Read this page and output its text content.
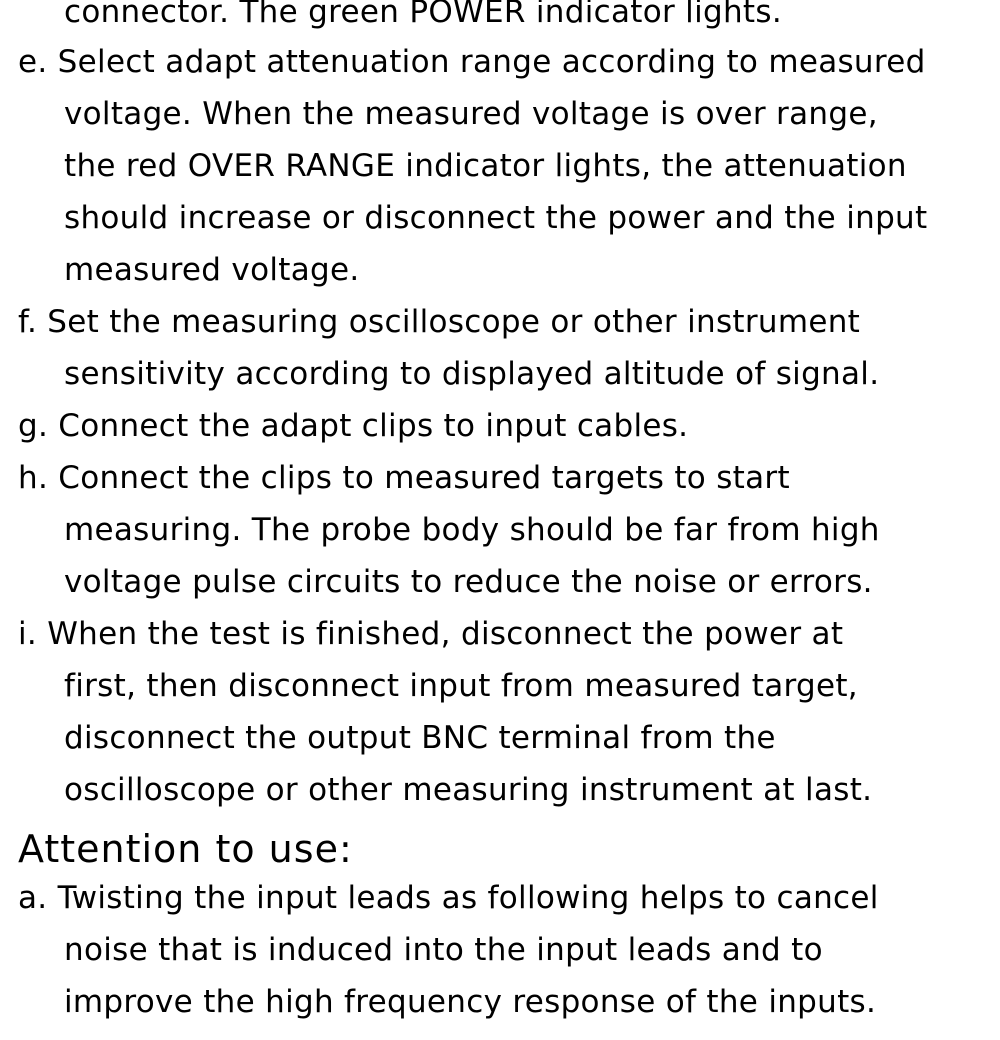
connector. The green POWER indicator lights.
e. Select adapt attenuation range according to measured
voltage. When the measured voltage is over range,
the red OVER RANGE indicator lights, the attenuation
should increase or disconnect the power and the input
measured voltage.
f. Set the measuring oscilloscope or other instrument
sensitivity according to displayed altitude of signal.
g. Connect the adapt clips to input cables.
h. Connect the clips to measured targets to start
measuring. The probe body should be far from high
voltage pulse circuits to reduce the noise or errors.
i. When the test is finished, disconnect the power at
first, then disconnect input from measured target,
disconnect the output BNC terminal from the
oscilloscope or other measuring instrument at last.
Attention to use:
a. Twisting the input leads as following helps to cancel
noise that is induced into the input leads and to
improve the high frequency response of the inputs.
